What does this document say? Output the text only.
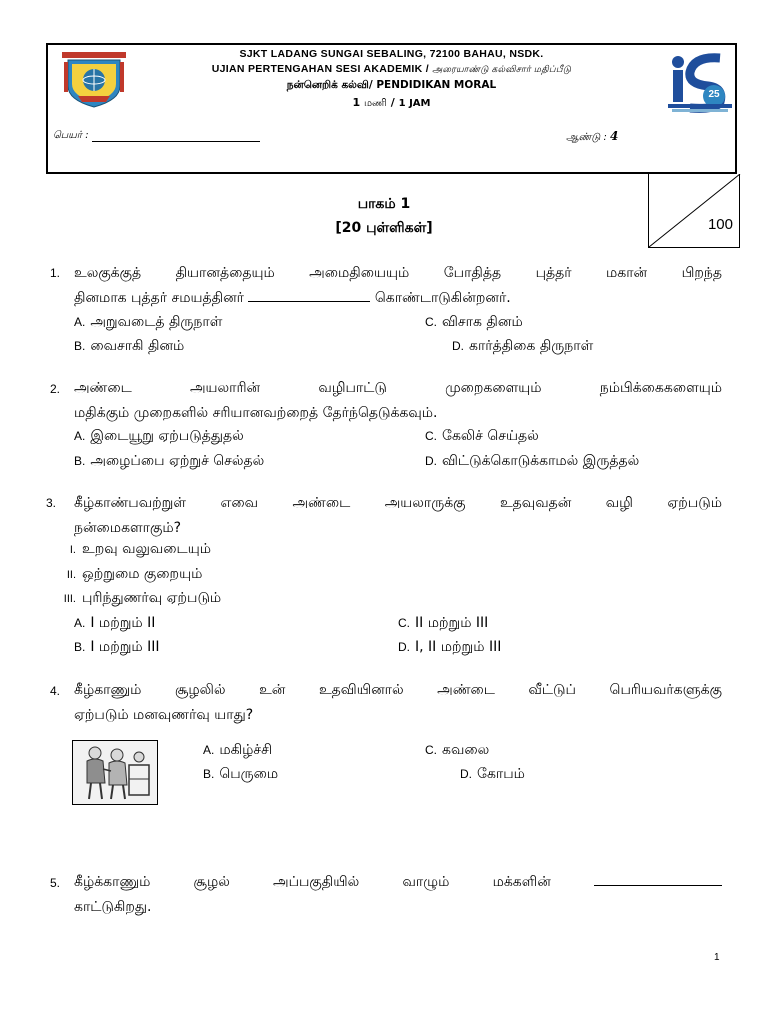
SJKT LADANG SUNGAI SEBALING, 72100 BAHAU, NSDK.
UJIAN PERTENGAHAN SESI AKADEMIK / அரையாண்டு கல்விசார் மதிப்பீடு
நன்னெறிக் கல்வி/ PENDIDIKAN MORAL
1 மணி / 1 JAM
பெயர் :	ஆண்டு : 4
25
100
பாகம் 1
[20 புள்ளிகள்]
1. உலகுக்குத் தியானத்தையும் அமைதியையும் போதித்த புத்தர் மகான் பிறந்த
தினமாக புத்தர் சமயத்தினர்	கொண்டாடுகின்றனர்.
A. அறுவடைத் திருநாள்	C. விசாக தினம்
B. வைசாகி தினம்	D. கார்த்திகை திருநாள்
2. அண்டை அயலாரின் வழிபாட்டு முறைகளையும் நம்பிக்கைகளையும்
மதிக்கும் முறைகளில் சரியானவற்றைத் தேர்ந்தெடுக்கவும்.
A. இடையூறு ஏற்படுத்துதல்	C. கேலிச் செய்தல்
B. அழைப்பை ஏற்றுச் செல்தல்	D. விட்டுக்கொடுக்காமல் இருத்தல்
3. கீழ்காண்பவற்றுள் எவை அண்டை அயலாருக்கு உதவுவதன் வழி ஏற்படும்
நன்மைகளாகும்?
I. உறவு வலுவடையும்
II. ஒற்றுமை குறையும்
III. புரிந்துணர்வு ஏற்படும்
A. I மற்றும் II	C. II மற்றும் III
B. I மற்றும் III	D. I, II மற்றும் III
4. கீழ்காணும் சூழலில் உன் உதவியினால் அண்டை வீட்டுப் பெரியவர்களுக்கு
ஏற்படும் மனவுணர்வு யாது?
A. மகிழ்ச்சி	C. கவலை
B. பெருமை	D. கோபம்
5. கீழ்க்காணும் சூழல் அப்பகுதியில் வாழும் மக்களின்
காட்டுகிறது.
1
